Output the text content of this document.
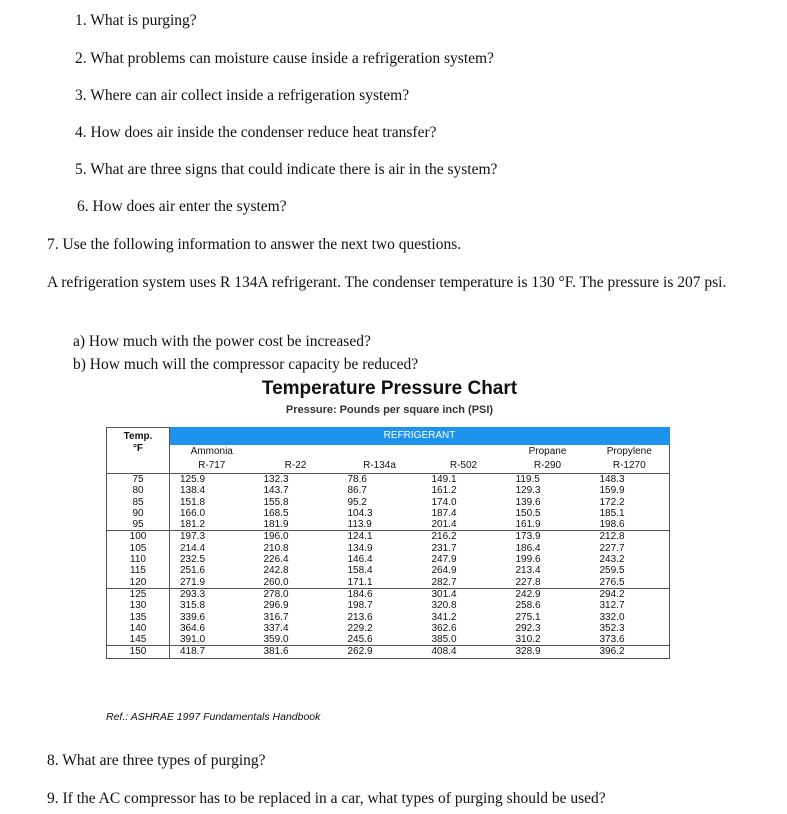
1. What is purging?
2. What problems can moisture cause inside a refrigeration system?
3. Where can air collect inside a refrigeration system?
4. How does air inside the condenser reduce heat transfer?
5. What are three signs that could indicate there is air in the system?
6. How does air enter the system?
7. Use the following information to answer the next two questions.
A refrigeration system uses R 134A refrigerant. The condenser temperature is 130 °F. The pressure is 207 psi.
a) How much with the power cost be increased?
b) How much will the compressor capacity be reduced?
Temperature Pressure Chart
Pressure: Pounds per square inch (PSI)
Temp.
°F	REFRIGERANT					
	Ammonia				Propane	Propylene
	R-717	R-22	R-134a	R-502	R-290	R-1270
75	125.9	132.3	78.6	149.1	119.5	148.3
80	138.4	143.7	86.7	161.2	129.3	159.9
85	151.8	155.8	95.2	174.0	139.6	172.2
90	166.0	168.5	104.3	187.4	150.5	185.1
95	181.2	181.9	113.9	201.4	161.9	198.6
100	197.3	196.0	124.1	216.2	173.9	212.8
105	214.4	210.8	134.9	231.7	186.4	227.7
110	232.5	226.4	146.4	247.9	199.6	243.2
115	251.6	242.8	158.4	264.9	213.4	259.5
120	271.9	260.0	171.1	282.7	227.8	276.5
125	293.3	278.0	184.6	301.4	242.9	294.2
130	315.8	296.9	198.7	320.8	258.6	312.7
135	339.6	316.7	213.6	341.2	275.1	332.0
140	364.6	337.4	229.2	362.6	292.3	352.3
145	391.0	359.0	245.6	385.0	310.2	373.6
150	418.7	381.6	262.9	408.4	328.9	396.2
Ref.: ASHRAE 1997 Fundamentals Handbook
8. What are three types of purging?
9. If the AC compressor has to be replaced in a car, what types of purging should be used?
